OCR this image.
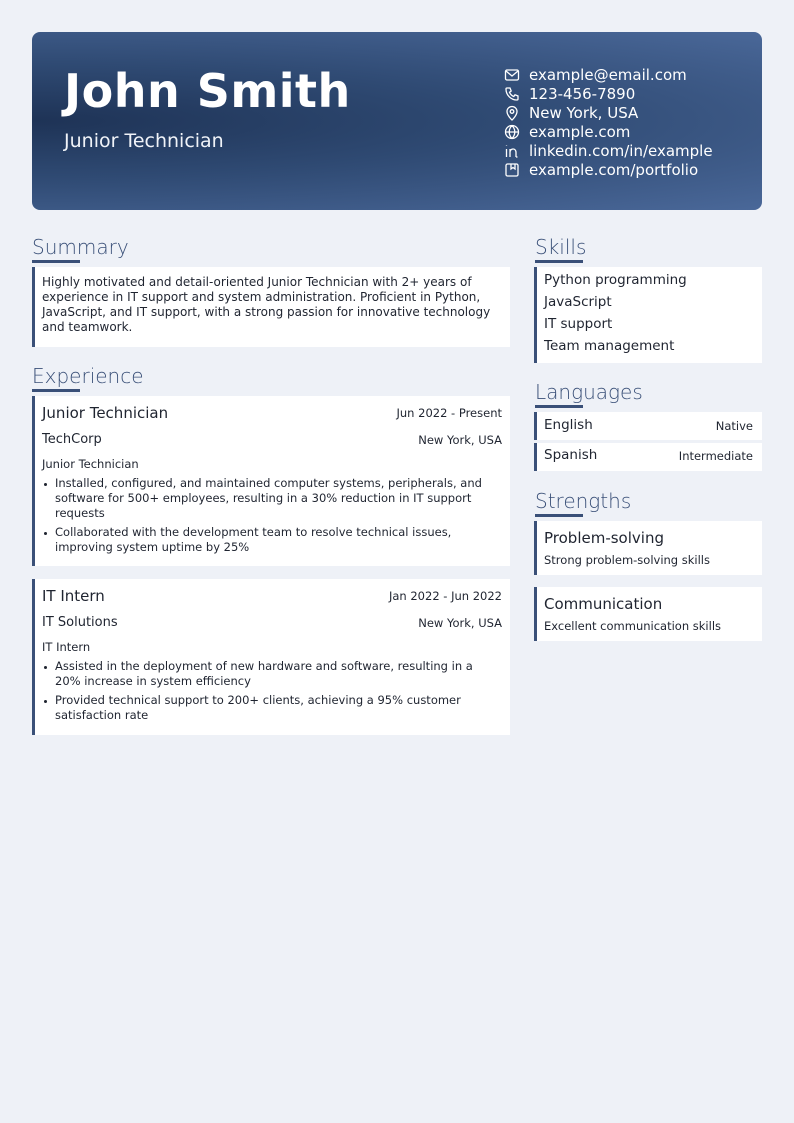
John Smith
Junior Technician
example@email.com
123-456-7890
New York, USA
example.com
linkedin.com/in/example
example.com/portfolio
Summary
Highly motivated and detail-oriented Junior Technician with 2+ years of experience in IT support and system administration. Proficient in Python, JavaScript, and IT support, with a strong passion for innovative technology and teamwork.
Experience
Junior Technician	Jun 2022 - Present
TechCorp	New York, USA
Junior Technician
Installed, configured, and maintained computer systems, peripherals, and software for 500+ employees, resulting in a 30% reduction in IT support requests
Collaborated with the development team to resolve technical issues, improving system uptime by 25%
IT Intern	Jan 2022 - Jun 2022
IT Solutions	New York, USA
IT Intern
Assisted in the deployment of new hardware and software, resulting in a 20% increase in system efficiency
Provided technical support to 200+ clients, achieving a 95% customer satisfaction rate
Skills
Python programming
JavaScript
IT support
Team management
Languages
English	Native
Spanish	Intermediate
Strengths
Problem-solving
Strong problem-solving skills
Communication
Excellent communication skills
